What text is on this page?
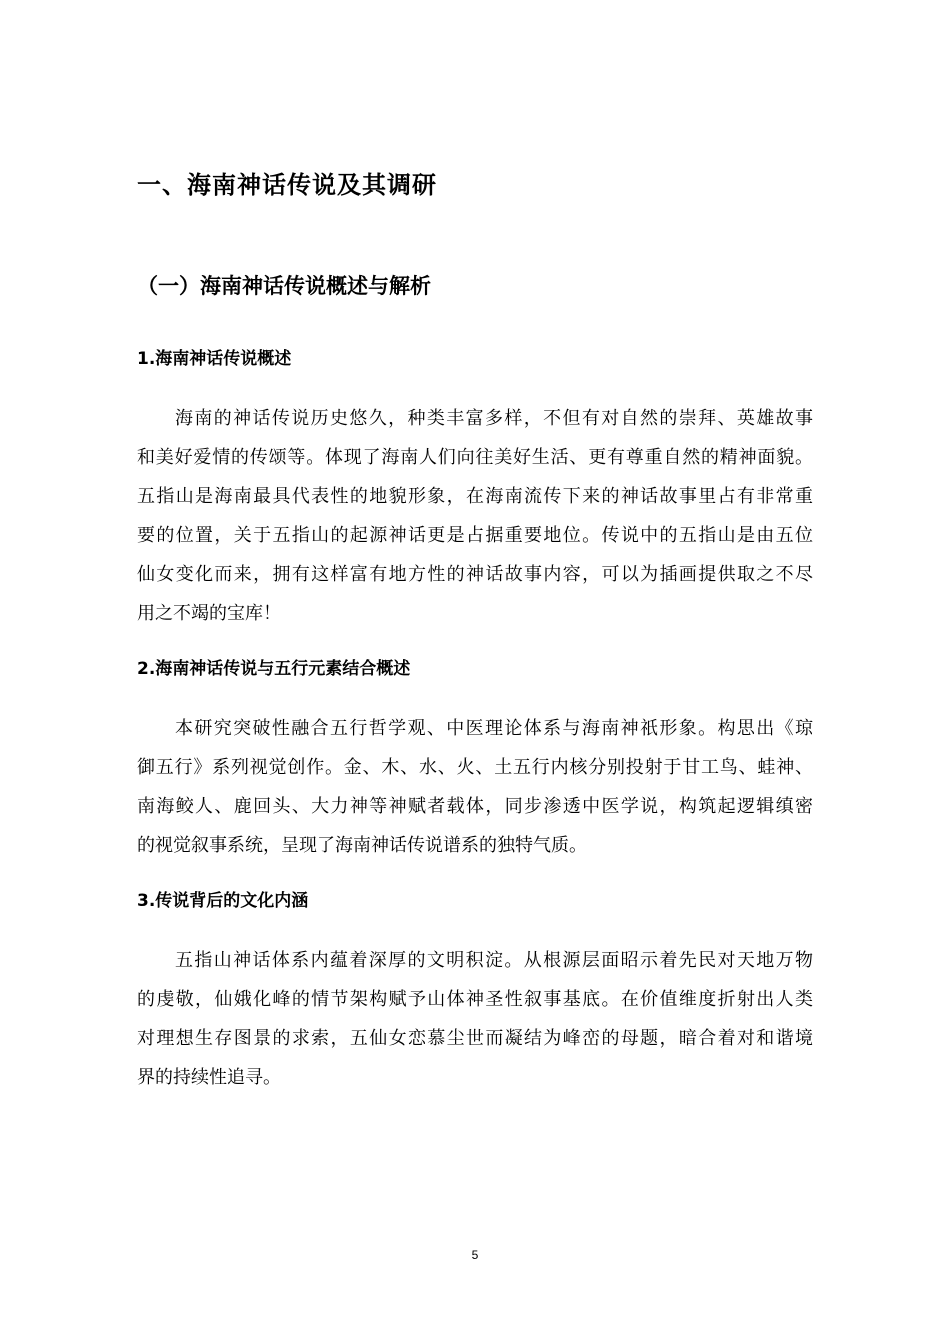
一、海南神话传说及其调研
（一）海南神话传说概述与解析
1.海南神话传说概述
海南的神话传说历史悠久，种类丰富多样，不但有对自然的崇拜、英雄故事
和美好爱情的传颂等。体现了海南人们向往美好生活、更有尊重自然的精神面貌。
五指山是海南最具代表性的地貌形象，在海南流传下来的神话故事里占有非常重
要的位置，关于五指山的起源神话更是占据重要地位。传说中的五指山是由五位
仙女变化而来，拥有这样富有地方性的神话故事内容，可以为插画提供取之不尽
用之不竭的宝库！
2.海南神话传说与五行元素结合概述
本研究突破性融合五行哲学观、中医理论体系与海南神祇形象。构思出《琼
御五行》系列视觉创作。金、木、水、火、土五行内核分别投射于甘工鸟、蛙神、
南海鲛人、鹿回头、大力神等神赋者载体，同步渗透中医学说，构筑起逻辑缜密
的视觉叙事系统，呈现了海南神话传说谱系的独特气质。
3.传说背后的文化内涵
五指山神话体系内蕴着深厚的文明积淀。从根源层面昭示着先民对天地万物
的虔敬，仙娥化峰的情节架构赋予山体神圣性叙事基底。在价值维度折射出人类
对理想生存图景的求索，五仙女恋慕尘世而凝结为峰峦的母题，暗合着对和谐境
界的持续性追寻。
5
